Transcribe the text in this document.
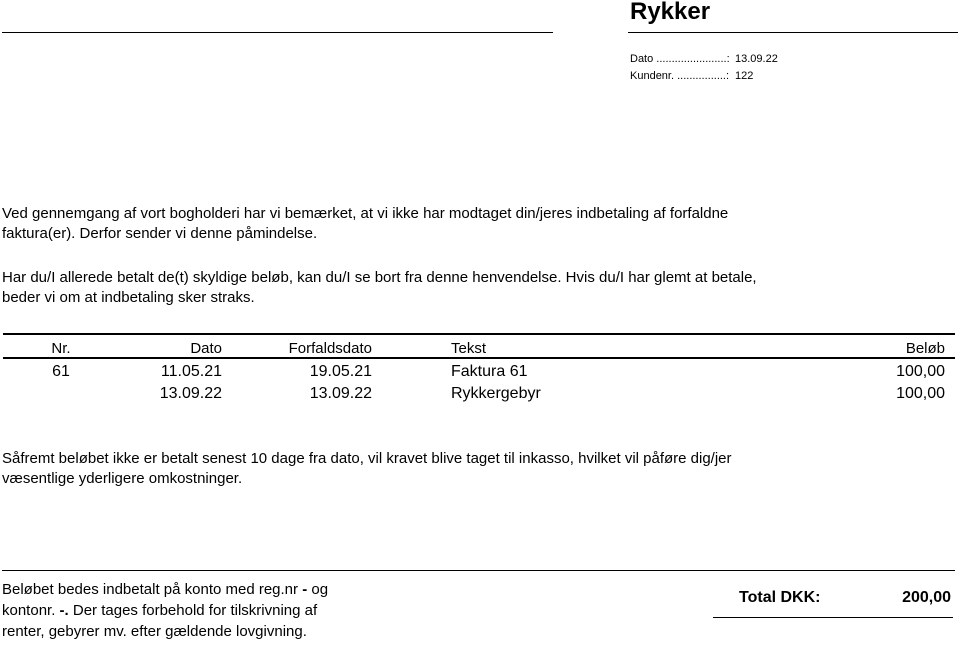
Rykker
Dato .......................: 13.09.22
Kundenr. ................: 122
Ved gennemgang af vort bogholderi har vi bemærket, at vi ikke har modtaget din/jeres indbetaling af forfaldne
faktura(er). Derfor sender vi denne påmindelse.
Har du/I allerede betalt de(t) skyldige beløb, kan du/I se bort fra denne henvendelse. Hvis du/I har glemt at betale,
beder vi om at indbetaling sker straks.
Nr.	Dato	Forfaldsdato	Tekst	Beløb
61	11.05.21	19.05.21	Faktura 61	100,00
	13.09.22	13.09.22	Rykkergebyr	100,00
Såfremt beløbet ikke er betalt senest 10 dage fra dato, vil kravet blive taget til inkasso, hvilket vil påføre dig/jer
væsentlige yderligere omkostninger.
Beløbet bedes indbetalt på konto med reg.nr - og
kontonr. -. Der tages forbehold for tilskrivning af
renter, gebyrer mv. efter gældende lovgivning.
Total DKK:	200,00
